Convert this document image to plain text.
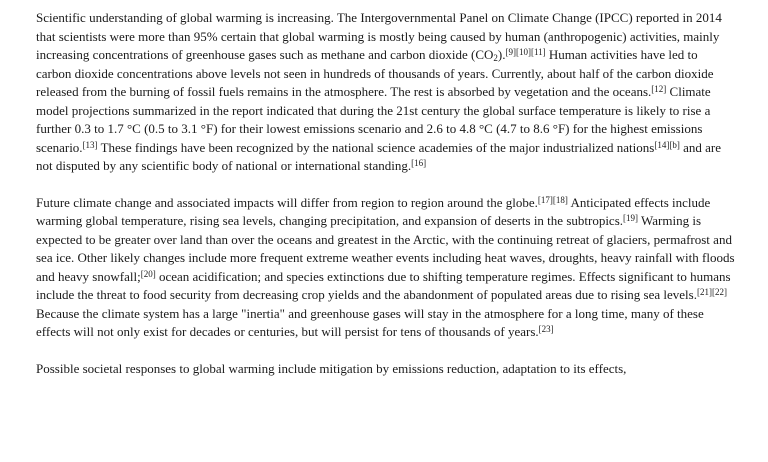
Scientific understanding of global warming is increasing. The Intergovernmental Panel on Climate Change (IPCC) reported in 2014 that scientists were more than 95% certain that global warming is mostly being caused by human (anthropogenic) activities, mainly increasing concentrations of greenhouse gases such as methane and carbon dioxide $(CO_2).[9][10][11]$ Human activities have led to carbon dioxide concentrations above levels not seen in hundreds of thousands of years. Currently, about half of the carbon dioxide released from the burning of fossil fuels remains in the atmosphere. The rest is absorbed by vegetation and the oceans.[12] Climate model projections summarized in the report indicated that during the 21st century the global surface temperature is likely to rise a further 0.3 to 1.7 °C (0.5 to 3.1 °F) for their lowest emissions scenario and 2.6 to 4.8 °C (4.7 to 8.6 °F) for the highest emissions scenario.[13] These findings have been recognized by the national science academies of the major industrialized nations[14][b] and are not disputed by any scientific body of national or international standing.[16]

Future climate change and associated impacts will differ from region to region around the globe.[17][18] Anticipated effects include warming global temperature, rising sea levels, changing precipitation, and expansion of deserts in the subtropics.[19] Warming is expected to be greater over land than over the oceans and greatest in the Arctic, with the continuing retreat of glaciers, permafrost and sea ice. Other likely changes include more frequent extreme weather events including heat waves, droughts, heavy rainfall with floods and heavy snowfall;[20] ocean acidification; and species extinctions due to shifting temperature regimes. Effects significant to humans include the threat to food security from decreasing crop yields and the abandonment of populated areas due to rising sea levels.[21][22] Because the climate system has a large "inertia" and greenhouse gases will stay in the atmosphere for a long time, many of these effects will not only exist for decades or centuries, but will persist for tens of thousands of years.[23]

Possible societal responses to global warming include mitigation by emissions reduction, adaptation to its effects,
